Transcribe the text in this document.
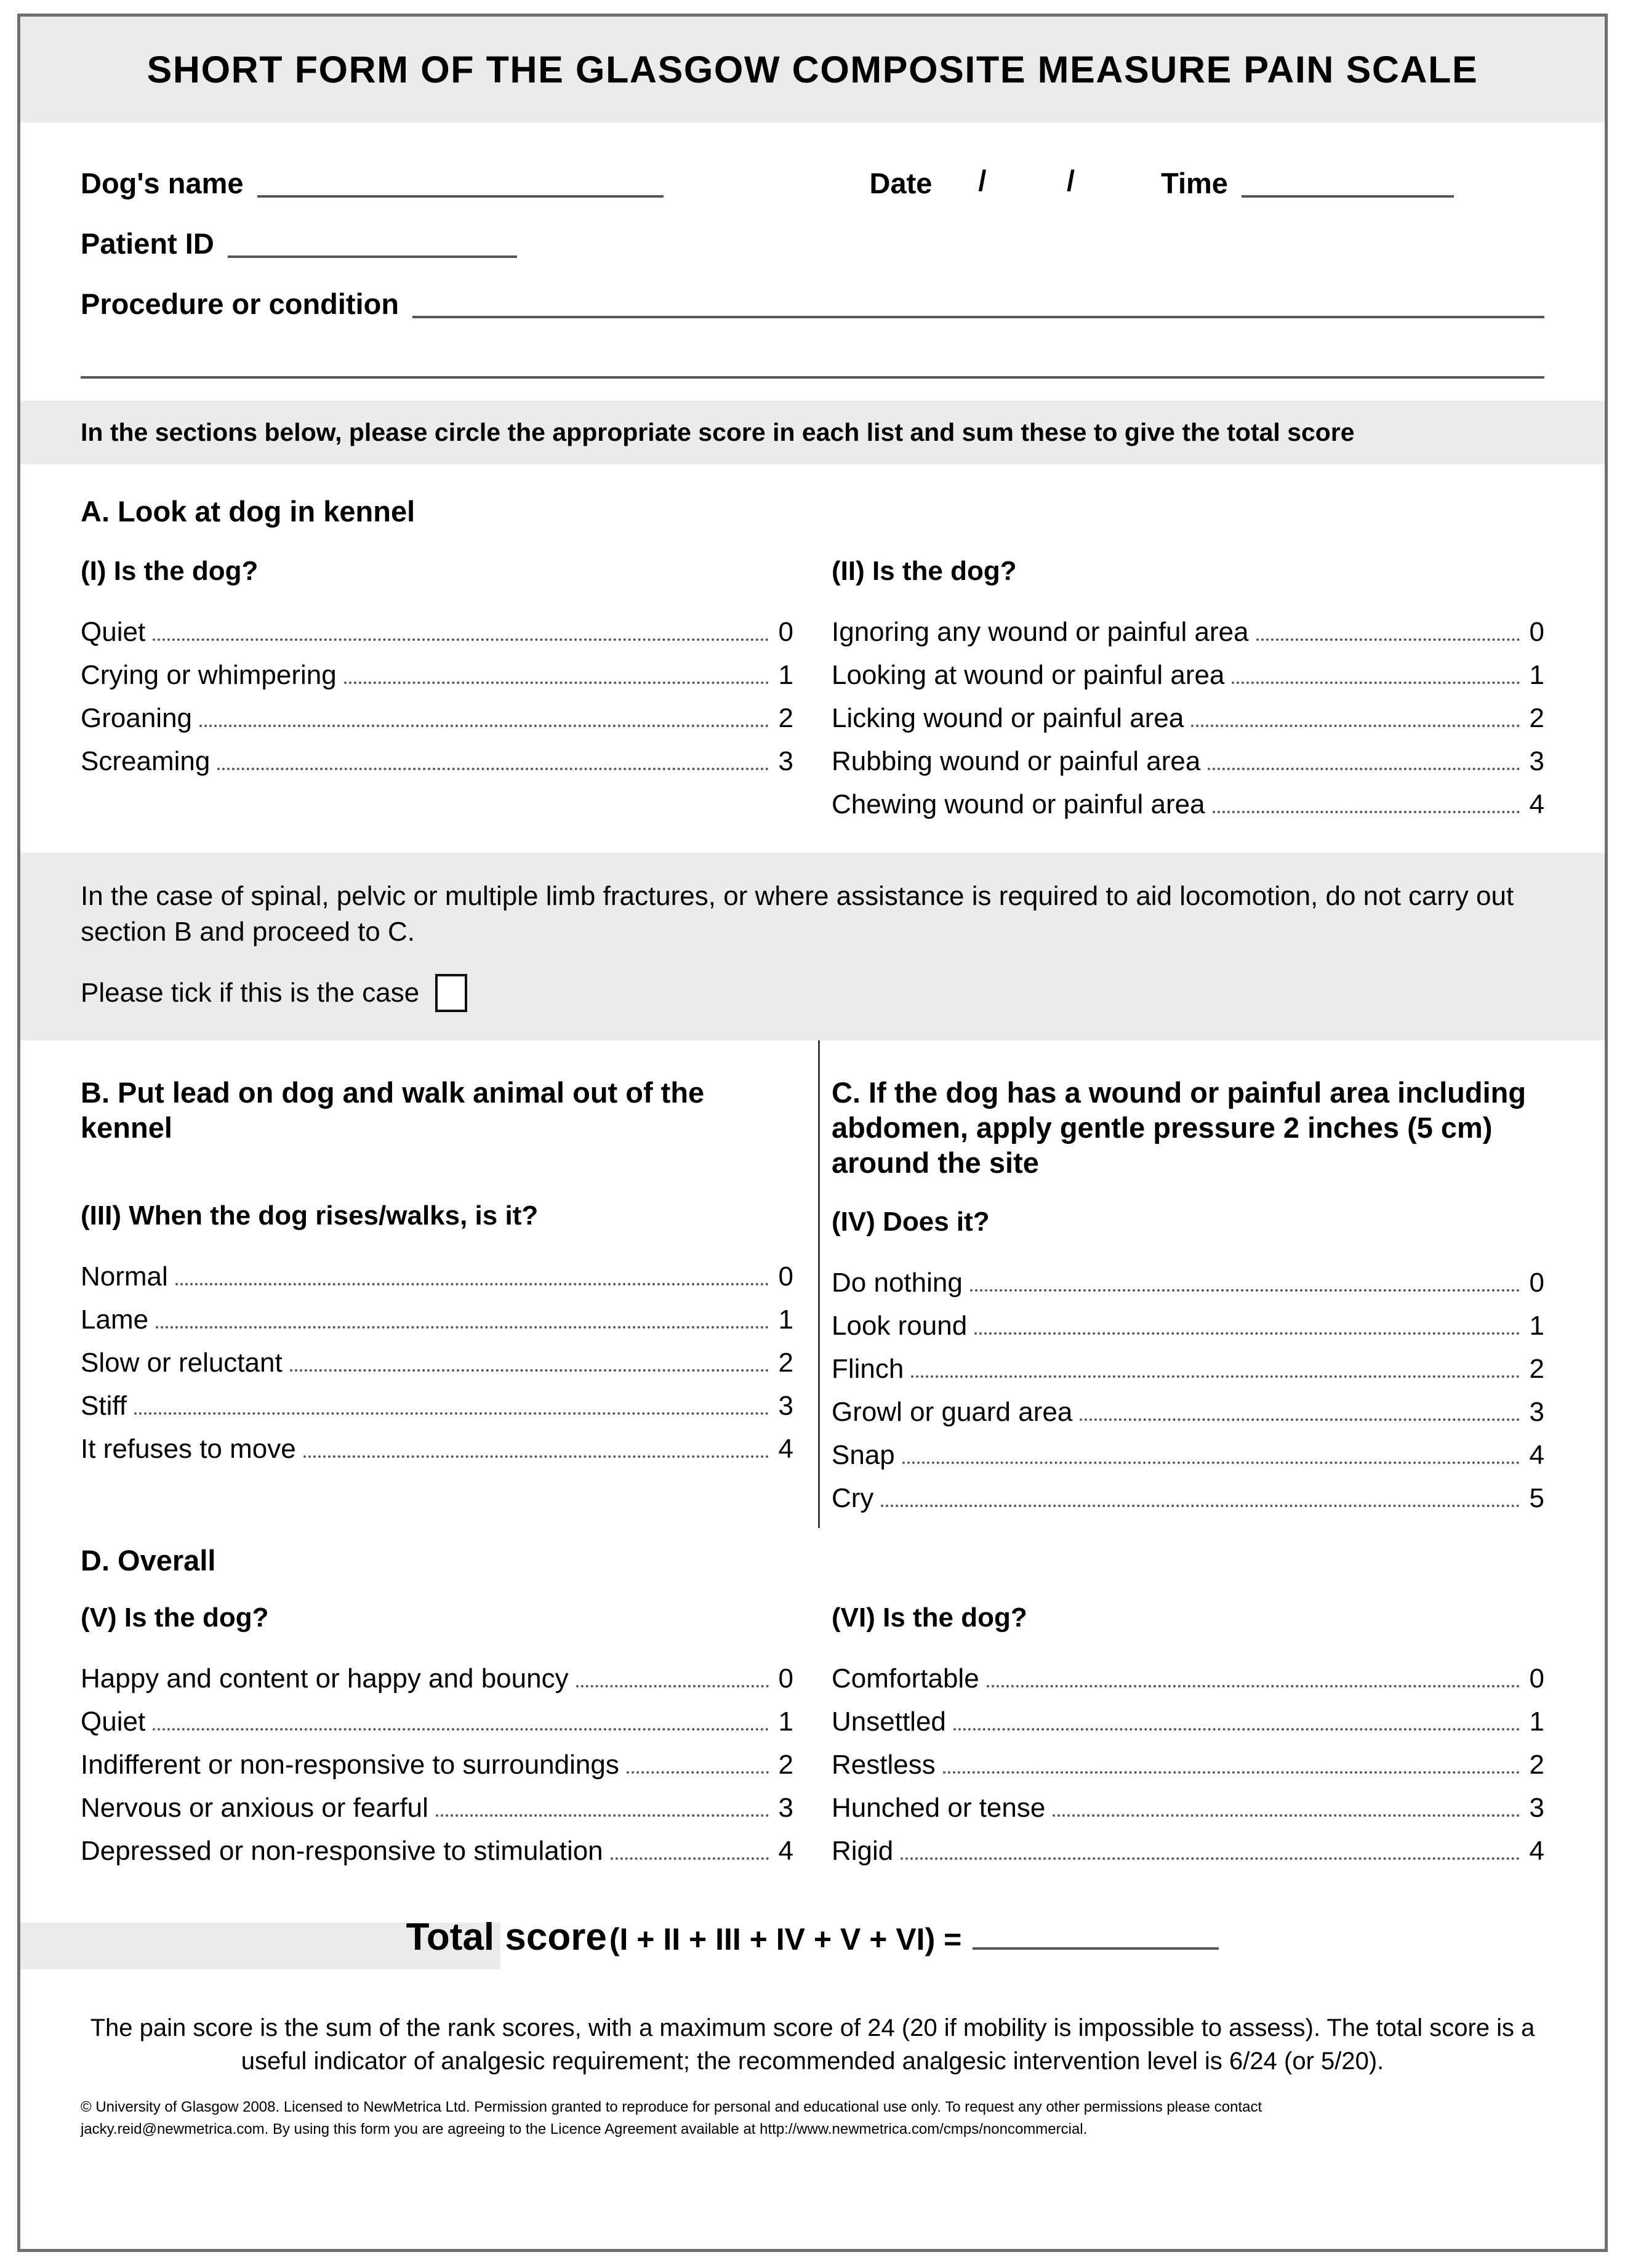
SHORT FORM OF THE GLASGOW COMPOSITE MEASURE PAIN SCALE
Dog's name	Date /          /	Time
Patient ID
Procedure or condition
In the sections below, please circle the appropriate score in each list and sum these to give the total score
A. Look at dog in kennel
(I) Is the dog?
Quiet	0
Crying or whimpering	1
Groaning	2
Screaming	3
(II) Is the dog?
Ignoring any wound or painful area	0
Looking at wound or painful area	1
Licking wound or painful area	2
Rubbing wound or painful area	3
Chewing wound or painful area	4
In the case of spinal, pelvic or multiple limb fractures, or where assistance is required to aid locomotion, do not carry out section B and proceed to C.
Please tick if this is the case
B. Put lead on dog and walk animal out of the kennel
(III) When the dog rises/walks, is it?
Normal	0
Lame	1
Slow or reluctant	2
Stiff	3
It refuses to move	4
C. If the dog has a wound or painful area including abdomen, apply gentle pressure 2 inches (5 cm) around the site
(IV) Does it?
Do nothing	0
Look round	1
Flinch	2
Growl or guard area	3
Snap	4
Cry	5
D. Overall
(V) Is the dog?
Happy and content or happy and bouncy	0
Quiet	1
Indifferent or non-responsive to surroundings	2
Nervous or anxious or fearful	3
Depressed or non-responsive to stimulation	4
(VI) Is the dog?
Comfortable	0
Unsettled	1
Restless	2
Hunched or tense	3
Rigid	4
Total score (I + II + III + IV + V + VI) =
The pain score is the sum of the rank scores, with a maximum score of 24 (20 if mobility is impossible to assess). The total score is a useful indicator of analgesic requirement; the recommended analgesic intervention level is 6/24 (or 5/20).
© University of Glasgow 2008. Licensed to NewMetrica Ltd. Permission granted to reproduce for personal and educational use only. To request any other permissions please contact
jacky.reid@newmetrica.com. By using this form you are agreeing to the Licence Agreement available at http://www.newmetrica.com/cmps/noncommercial.
